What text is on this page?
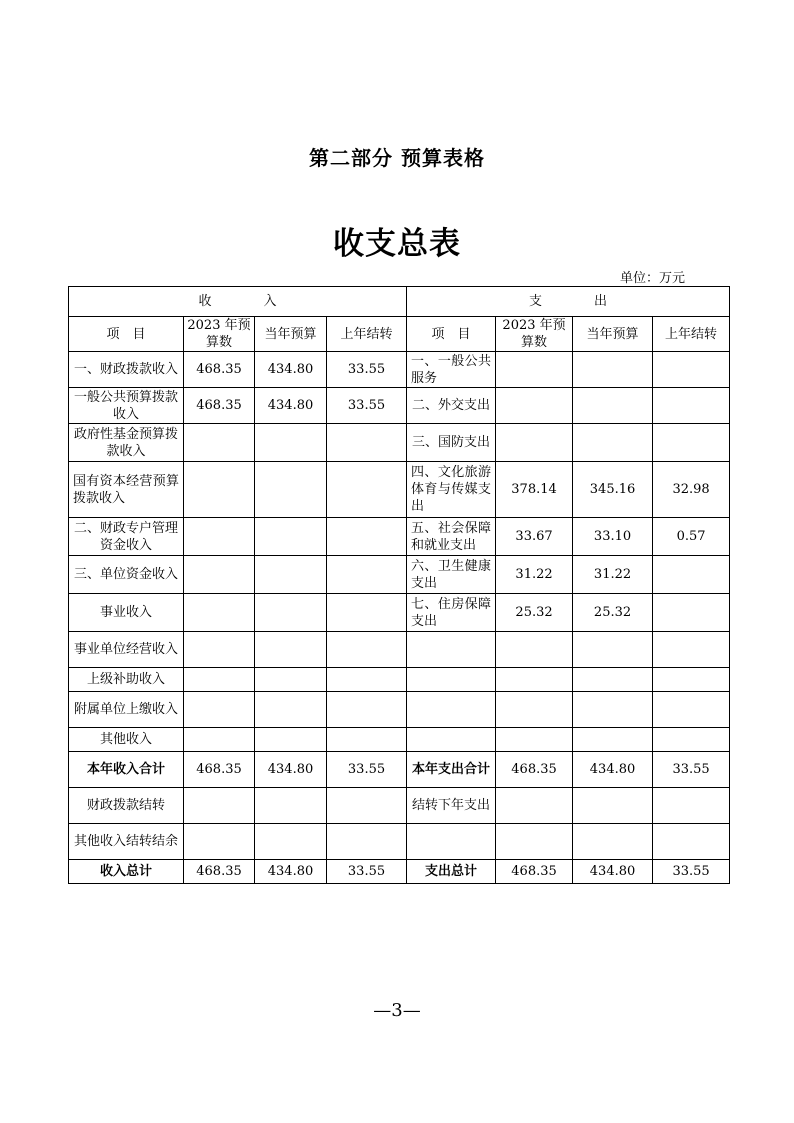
第二部分 预算表格
收支总表
单位：万元
收 入				支 出			
项　目	2023 年预算数	当年预算	上年结转	项　目	2023 年预算数	当年预算	上年结转
一、财政拨款收入	468.35	434.80	33.55	一、一般公共服务			
一般公共预算拨款收入	468.35	434.80	33.55	二、外交支出			
政府性基金预算拨款收入				三、国防支出			
国有资本经营预算拨款收入				四、文化旅游体育与传媒支出	378.14	345.16	32.98
二、财政专户管理资金收入				五、社会保障和就业支出	33.67	33.10	0.57
三、单位资金收入				六、卫生健康支出	31.22	31.22	
事业收入				七、住房保障支出	25.32	25.32	
事业单位经营收入							
上级补助收入							
附属单位上缴收入							
其他收入							
本年收入合计	468.35	434.80	33.55	本年支出合计	468.35	434.80	33.55
财政拨款结转				结转下年支出			
其他收入结转结余							
收入总计	468.35	434.80	33.55	支出总计	468.35	434.80	33.55
—3—
